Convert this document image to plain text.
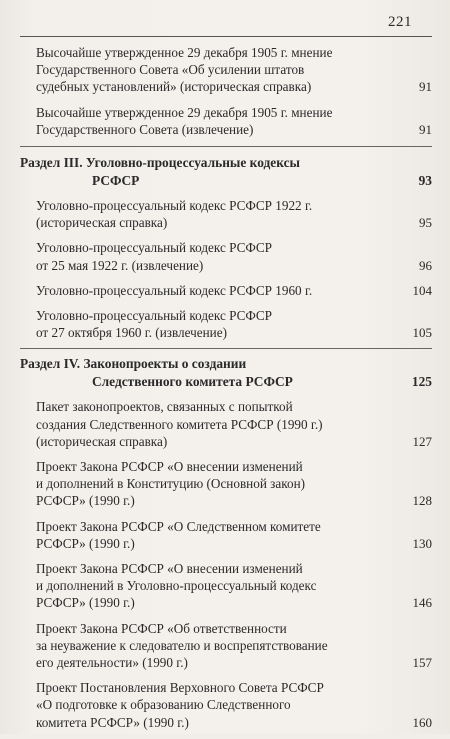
221
Высочайше утвержденное 29 декабря 1905 г. мнение
Государственного Совета «Об усилении штатов
судебных установлений» (историческая справка)	91
Высочайше утвержденное 29 декабря 1905 г. мнение
Государственного Совета (извлечение)	91
Раздел III. Уголовно-процессуальные кодексы
РСФСР	93
Уголовно-процессуальный кодекс РСФСР 1922 г.
(историческая справка)	95
Уголовно-процессуальный кодекс РСФСР
от 25 мая 1922 г. (извлечение)	96
Уголовно-процессуальный кодекс РСФСР 1960 г.	104
Уголовно-процессуальный кодекс РСФСР
от 27 октября 1960 г. (извлечение)	105
Раздел IV. Законопроекты о создании
Следственного комитета РСФСР	125
Пакет законопроектов, связанных с попыткой
создания Следственного комитета РСФСР (1990 г.)
(историческая справка)	127
Проект Закона РСФСР «О внесении изменений
и дополнений в Конституцию (Основной закон)
РСФСР» (1990 г.)	128
Проект Закона РСФСР «О Следственном комитете
РСФСР» (1990 г.)	130
Проект Закона РСФСР «О внесении изменений
и дополнений в Уголовно-процессуальный кодекс
РСФСР» (1990 г.)	146
Проект Закона РСФСР «Об ответственности
за неуважение к следователю и воспрепятствование
его деятельности» (1990 г.)	157
Проект Постановления Верховного Совета РСФСР
«О подготовке к образованию Следственного
комитета РСФСР» (1990 г.)	160
